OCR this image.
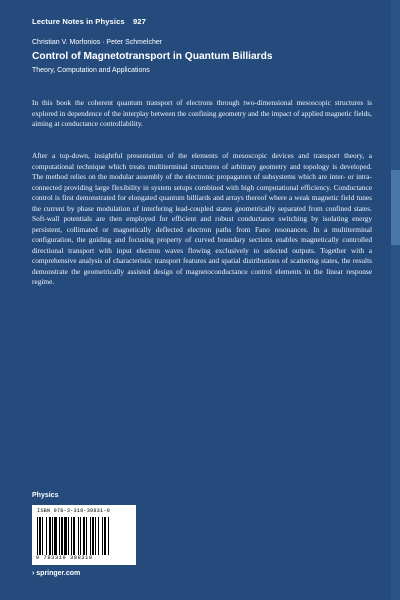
Lecture Notes in Physics 927
Christian V. Morfonios · Peter Schmelcher
Control of Magnetotransport in Quantum Billiards
Theory, Computation and Applications
In this book the coherent quantum transport of electrons through two-dimensional mesoscopic structures is explored in dependence of the interplay between the confining geometry and the impact of applied magnetic fields, aiming at conductance controllability.
After a top-down, insightful presentation of the elements of mesoscopic devices and transport theory, a computational technique which treats multiterminal structures of arbitrary geometry and topology is developed. The method relies on the modular assembly of the electronic propagators of subsystems which are inter- or intra-connected providing large flexibility in system setups combined with high computational efficiency. Conductance control is first demonstrated for elongated quantum billiards and arrays thereof where a weak magnetic field tunes the current by phase modulation of interfering lead-coupled states geometrically separated from confined states. Soft-wall potentials are then employed for efficient and robust conductance switching by isolating energy persistent, collimated or magnetically deflected electron paths from Fano resonances. In a multiterminal configuration, the guiding and focusing property of curved boundary sections enables magnetically controlled directional transport with input electron waves flowing exclusively to selected outputs. Together with a comprehensive analysis of characteristic transport features and spatial distributions of scattering states, the results demonstrate the geometrically assisted design of magnetoconductance control elements in the linear response regime.
Physics
ISBN 978-3-319-39831-0
9 783319 398310
› springer.com
